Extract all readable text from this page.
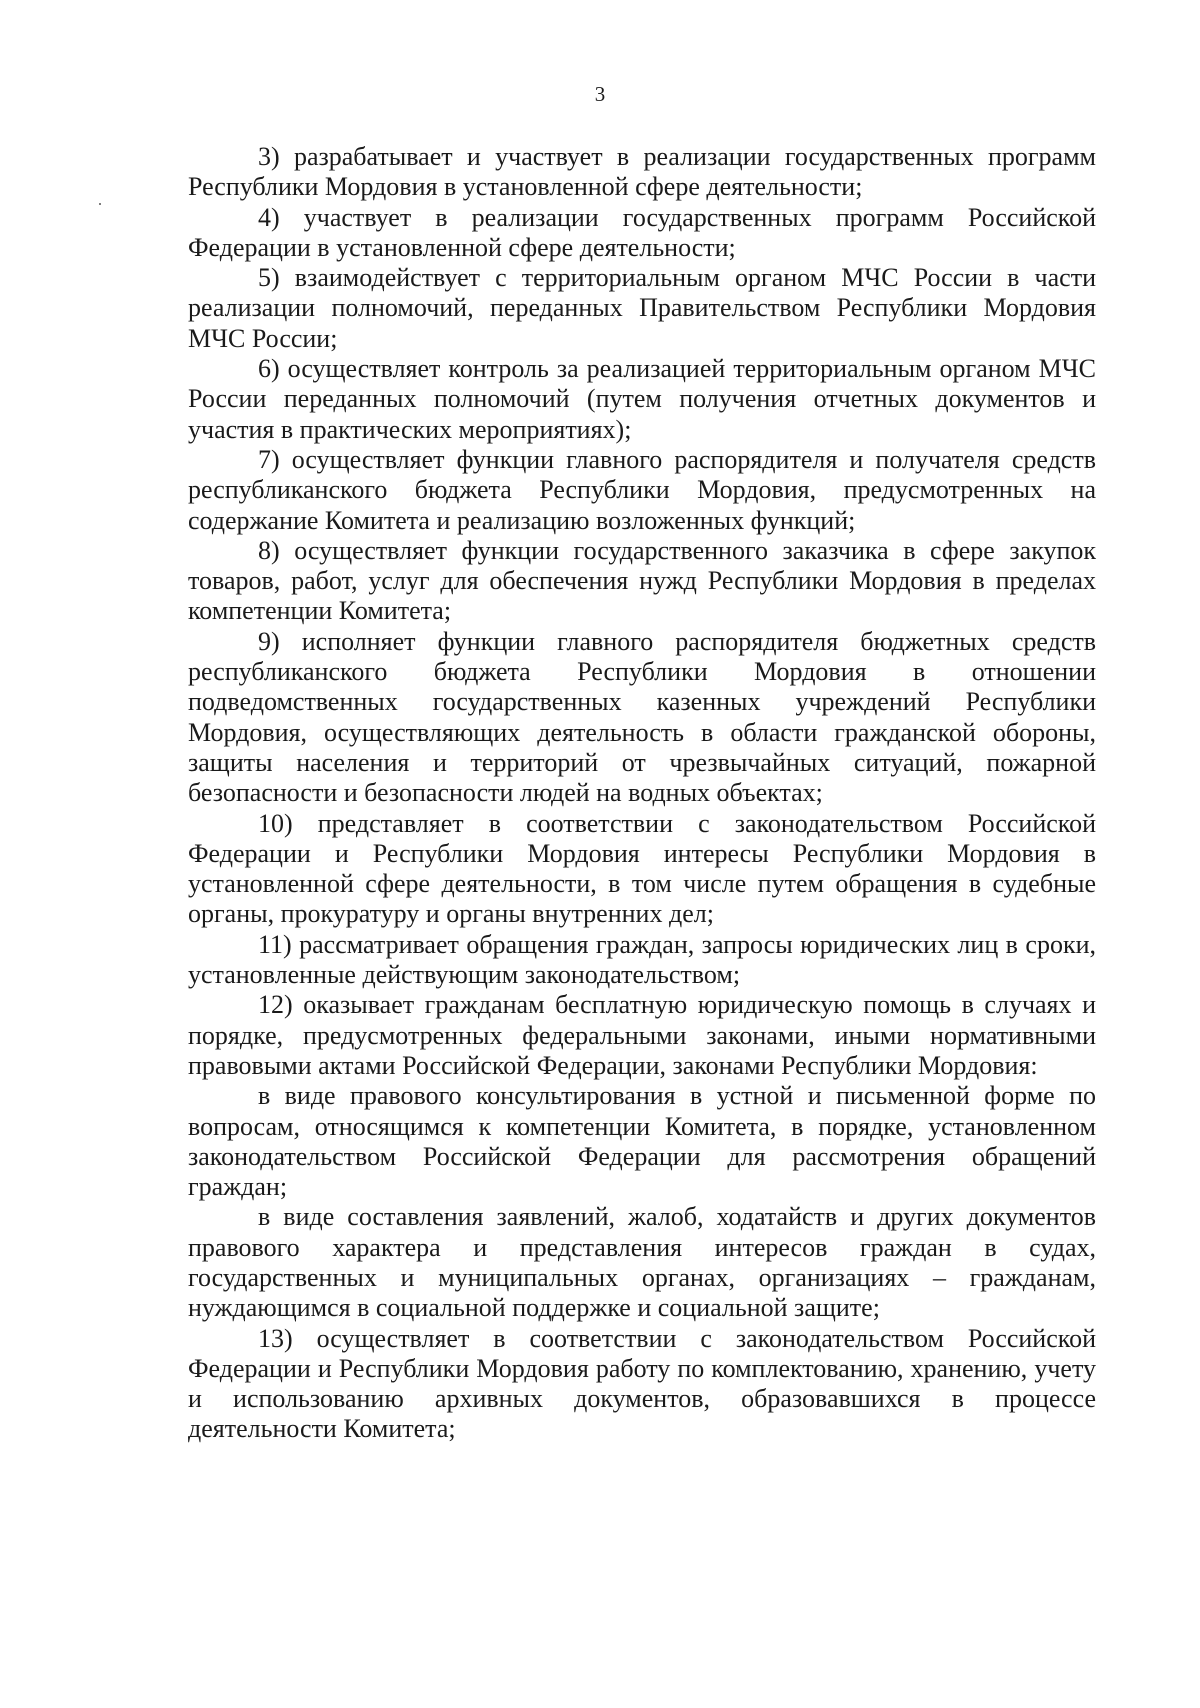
3

3) разрабатывает и участвует в реализации государственных программ Республики Мордовия в установленной сфере деятельности;

4) участвует в реализации государственных программ Российской Федерации в установленной сфере деятельности;

5) взаимодействует с территориальным органом МЧС России в части реализации полномочий, переданных Правительством Республики Мордовия МЧС России;

6) осуществляет контроль за реализацией территориальным органом МЧС России переданных полномочий (путем получения отчетных документов и участия в практических мероприятиях);

7) осуществляет функции главного распорядителя и получателя средств республиканского бюджета Республики Мордовия, предусмотренных на содержание Комитета и реализацию возложенных функций;

8) осуществляет функции государственного заказчика в сфере закупок товаров, работ, услуг для обеспечения нужд Республики Мордовия в пределах компетенции Комитета;

9) исполняет функции главного распорядителя бюджетных средств республиканского бюджета Республики Мордовия в отношении подведомственных государственных казенных учреждений Республики Мордовия, осуществляющих деятельность в области гражданской обороны, защиты населения и территорий от чрезвычайных ситуаций, пожарной безопасности и безопасности людей на водных объектах;

10) представляет в соответствии с законодательством Российской Федерации и Республики Мордовия интересы Республики Мордовия в установленной сфере деятельности, в том числе путем обращения в судебные органы, прокуратуру и органы внутренних дел;

11) рассматривает обращения граждан, запросы юридических лиц в сроки, установленные действующим законодательством;

12) оказывает гражданам бесплатную юридическую помощь в случаях и порядке, предусмотренных федеральными законами, иными нормативными правовыми актами Российской Федерации, законами Республики Мордовия:

в виде правового консультирования в устной и письменной форме по вопросам, относящимся к компетенции Комитета, в порядке, установленном законодательством Российской Федерации для рассмотрения обращений граждан;

в виде составления заявлений, жалоб, ходатайств и других документов правового характера и представления интересов граждан в судах, государственных и муниципальных органах, организациях – гражданам, нуждающимся в социальной поддержке и социальной защите;

13) осуществляет в соответствии с законодательством Российской Федерации и Республики Мордовия работу по комплектованию, хранению, учету и использованию архивных документов, образовавшихся в процессе деятельности Комитета;
